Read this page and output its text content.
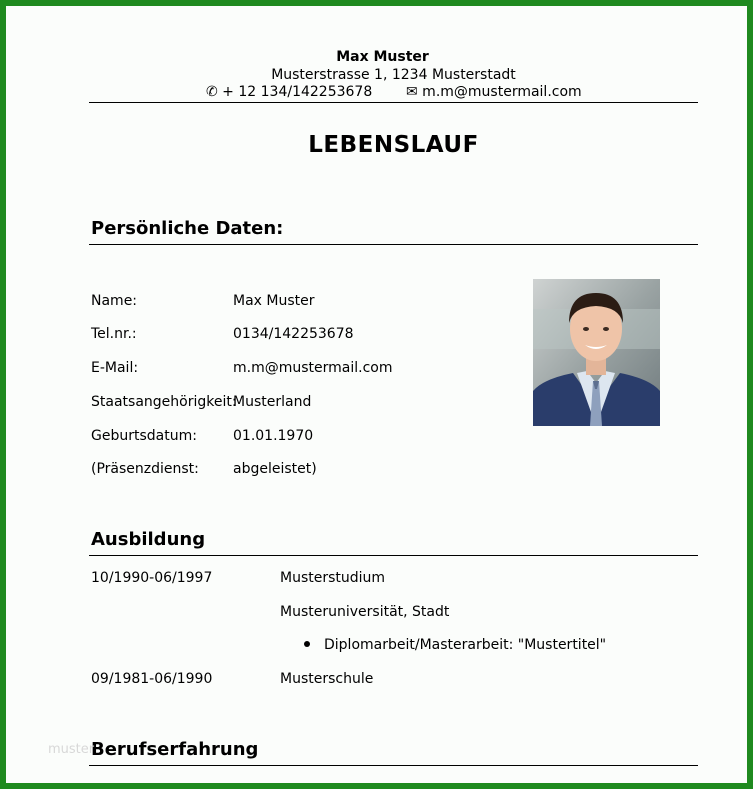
Max Muster
Musterstrasse 1, 1234 Musterstadt
✆ + 12 134/142253678 ✉ m.m@mustermail.com
LEBENSLAUF
Persönliche Daten:
Name:	Max Muster
Tel.nr.:	0134/142253678
E-Mail:	m.m@mustermail.com
Staatsangehörigkeit:
Musterland
Geburtsdatum:	01.01.1970
(Präsenzdienst: abgeleistet)
Ausbildung
10/1990-06/1997	Musterstudium
Musteruniversität, Stadt
Diplomarbeit/Masterarbeit: "Mustertitel"
09/1981-06/1990	Musterschule
Berufserfahrung
muster
